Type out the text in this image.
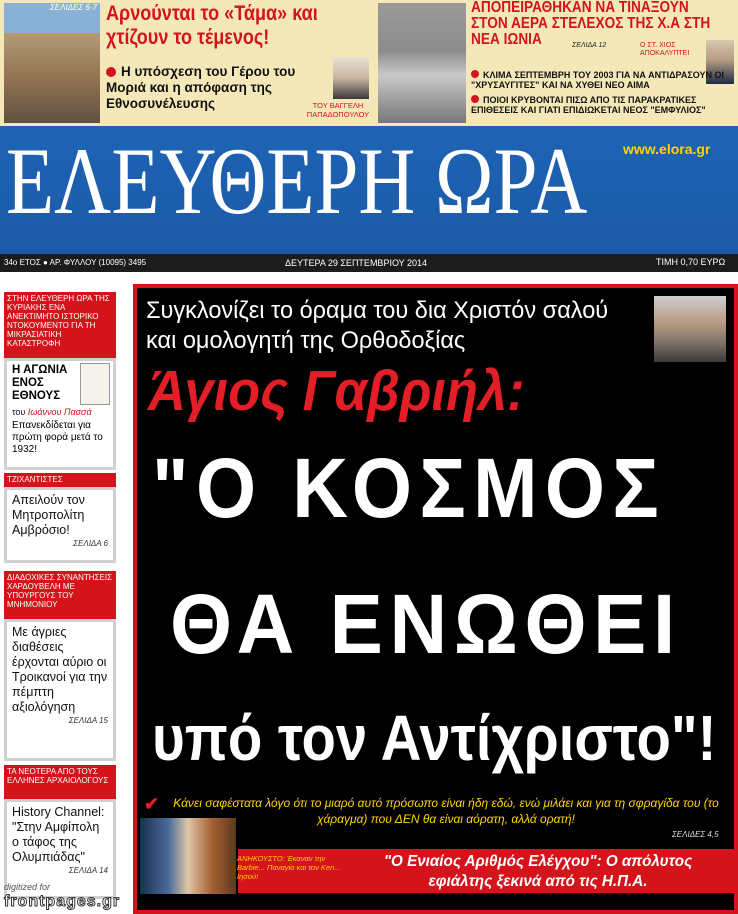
ΣΕΛΙΔΕΣ 6-7 Αρνούνται το «Τάμα» και χτίζουν το τέμενος!
Η υπόσχεση του Γέρου του Μοριά και η απόφαση της Εθνοσυνέλευσης	ΤΟΥ ΒΑΓΓΕΛΗ ΠΑΠΑΔΟΠΟΥΛΟΥ
ΑΠΟΠΕΙΡΑΘΗΚΑΝ ΝΑ ΤΙΝΑΞΟΥΝ ΣΤΟΝ ΑΕΡΑ ΣΤΕΛΕΧΟΣ ΤΗΣ Χ.Α ΣΤΗ ΝΕΑ ΙΩΝΙΑ	ΣΕΛΙΔΑ 12	Ο ΣΤ. ΧΙΟΣ ΑΠΟΚΑΛΥΠΤΕΙ
ΚΛΙΜΑ ΣΕΠΤΕΜΒΡΗ ΤΟΥ 2003 ΓΙΑ ΝΑ ΑΝΤΙΔΡΑΣΟΥΝ ΟΙ "ΧΡΥΣΑΥΓΙΤΕΣ" ΚΑΙ ΝΑ ΧΥΘΕΙ ΝΕΟ ΑΙΜΑ
ΠΟΙΟΙ ΚΡΥΒΟΝΤΑΙ ΠΙΣΩ ΑΠΟ ΤΙΣ ΠΑΡΑΚΡΑΤΙΚΕΣ ΕΠΙΘΕΣΕΙΣ ΚΑΙ ΓΙΑΤΙ ΕΠΙΔΙΩΚΕΤΑΙ ΝΕΟΣ "ΕΜΦΥΛΙΟΣ"
ΕΛΕΥΘΕΡΗ ΩΡΑ	www.elora.gr
34ο ΕΤΟΣ ● ΑΡ. ΦΥΛΛΟΥ (10095) 3495	ΔΕΥΤΕΡΑ 29 ΣΕΠΤΕΜΒΡΙΟΥ 2014	ΤΙΜΗ 0,70 ΕΥΡΩ
ΣΤΗΝ ΕΛΕΥΘΕΡΗ ΩΡΑ ΤΗΣ ΚΥΡΙΑΚΗΣ ΕΝΑ ΑΝΕΚΤΙΜΗΤΟ ΙΣΤΟΡΙΚΟ ΝΤΟΚΟΥΜΕΝΤΟ ΓΙΑ ΤΗ ΜΙΚΡΑΣΙΑΤΙΚΗ ΚΑΤΑΣΤΡΟΦΗ
Η ΑΓΩΝΙΑ ΕΝΟΣ ΕΘΝΟΥΣ
του Ιωάννου Πασσά
Επανεκδίδεται για πρώτη φορά μετά το 1932!
ΤΖΙΧΑΝΤΙΣΤΕΣ
Απειλούν τον Μητροπολίτη Αμβρόσιο!
ΣΕΛΙΔΑ 6
ΔΙΑΔΟΧΙΚΕΣ ΣΥΝΑΝΤΗΣΕΙΣ ΧΑΡΔΟΥΒΕΛΗ ΜΕ ΥΠΟΥΡΓΟΥΣ ΤΟΥ ΜΝΗΜΟΝΙΟΥ
Με άγριες διαθέσεις έρχονται αύριο οι Τροικανοί για την πέμπτη αξιολόγηση
ΣΕΛΙΔΑ 15
ΤΑ ΝΕΟΤΕΡΑ ΑΠΟ ΤΟΥΣ ΕΛΛΗΝΕΣ ΑΡΧΑΙΟΛΟΓΟΥΣ
History Channel: "Στην Αμφίπολη ο τάφος της Ολυμπιάδας"
ΣΕΛΙΔΑ 14
digitized for
frontpages.gr
Συγκλονίζει το όραμα του δια Χριστόν σαλού και ομολογητή της Ορθοδοξίας
Άγιος Γαβριήλ:
"Ο ΚΟΣΜΟΣ
ΘΑ ΕΝΩΘΕΙ
υπό τον Αντίχριστο"!
✔	Κάνει σαφέστατα λόγο ότι το μιαρό αυτό πρόσωπο είναι ήδη εδώ, ενώ μιλάει και για τη σφραγίδα του (το χάραγμα) που ΔΕΝ θα είναι αόρατη, αλλά ορατή!
ΣΕΛΙΔΕΣ 4,5
ΑΝΗΚΟΥΣΤΟ: Έκαναν την Barbie... Παναγία και τον Ken... Ιησού!
"Ο Ενιαίος Αριθμός Ελέγχου": Ο απόλυτος
εφιάλτης ξεκινά από τις Η.Π.Α.
